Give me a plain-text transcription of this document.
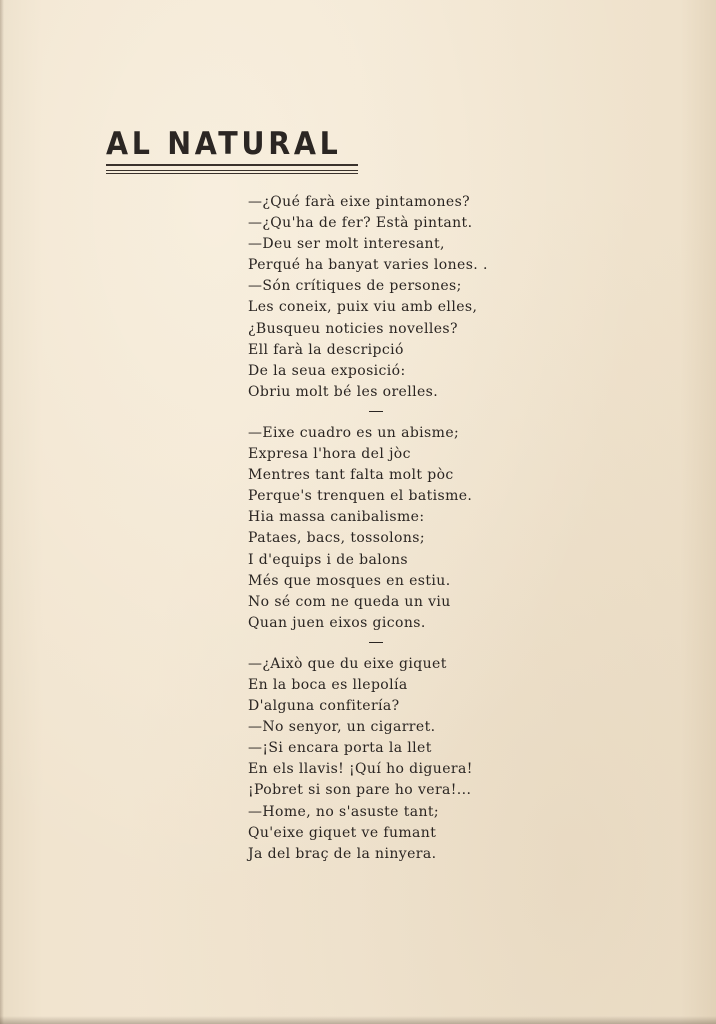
AL NATURAL
—¿Qué farà eixe pintamones?
—¿Qu'ha de fer? Està pintant.
—Deu ser molt interesant,
Perqué ha banyat varies lones. .
—Són crítiques de persones;
Les coneix, puix viu amb elles,
¿Busqueu noticies novelles?
Ell farà la descripció
De la seua exposició:
Obriu molt bé les orelles.
—Eixe cuadro es un abisme;
Expresa l'hora del jòc
Mentres tant falta molt pòc
Perque's trenquen el batisme.
Hia massa canibalisme:
Pataes, bacs, tossolons;
I d'equips i de balons
Més que mosques en estiu.
No sé com ne queda un viu
Quan juen eixos gicons.
—¿Això que du eixe giquet
En la boca es llepolía
D'alguna confitería?
—No senyor, un cigarret.
—¡Si encara porta la llet
En els llavis! ¡Quí ho diguera!
¡Pobret si son pare ho vera!...
—Home, no s'asuste tant;
Qu'eixe giquet ve fumant
Ja del braç de la ninyera.
